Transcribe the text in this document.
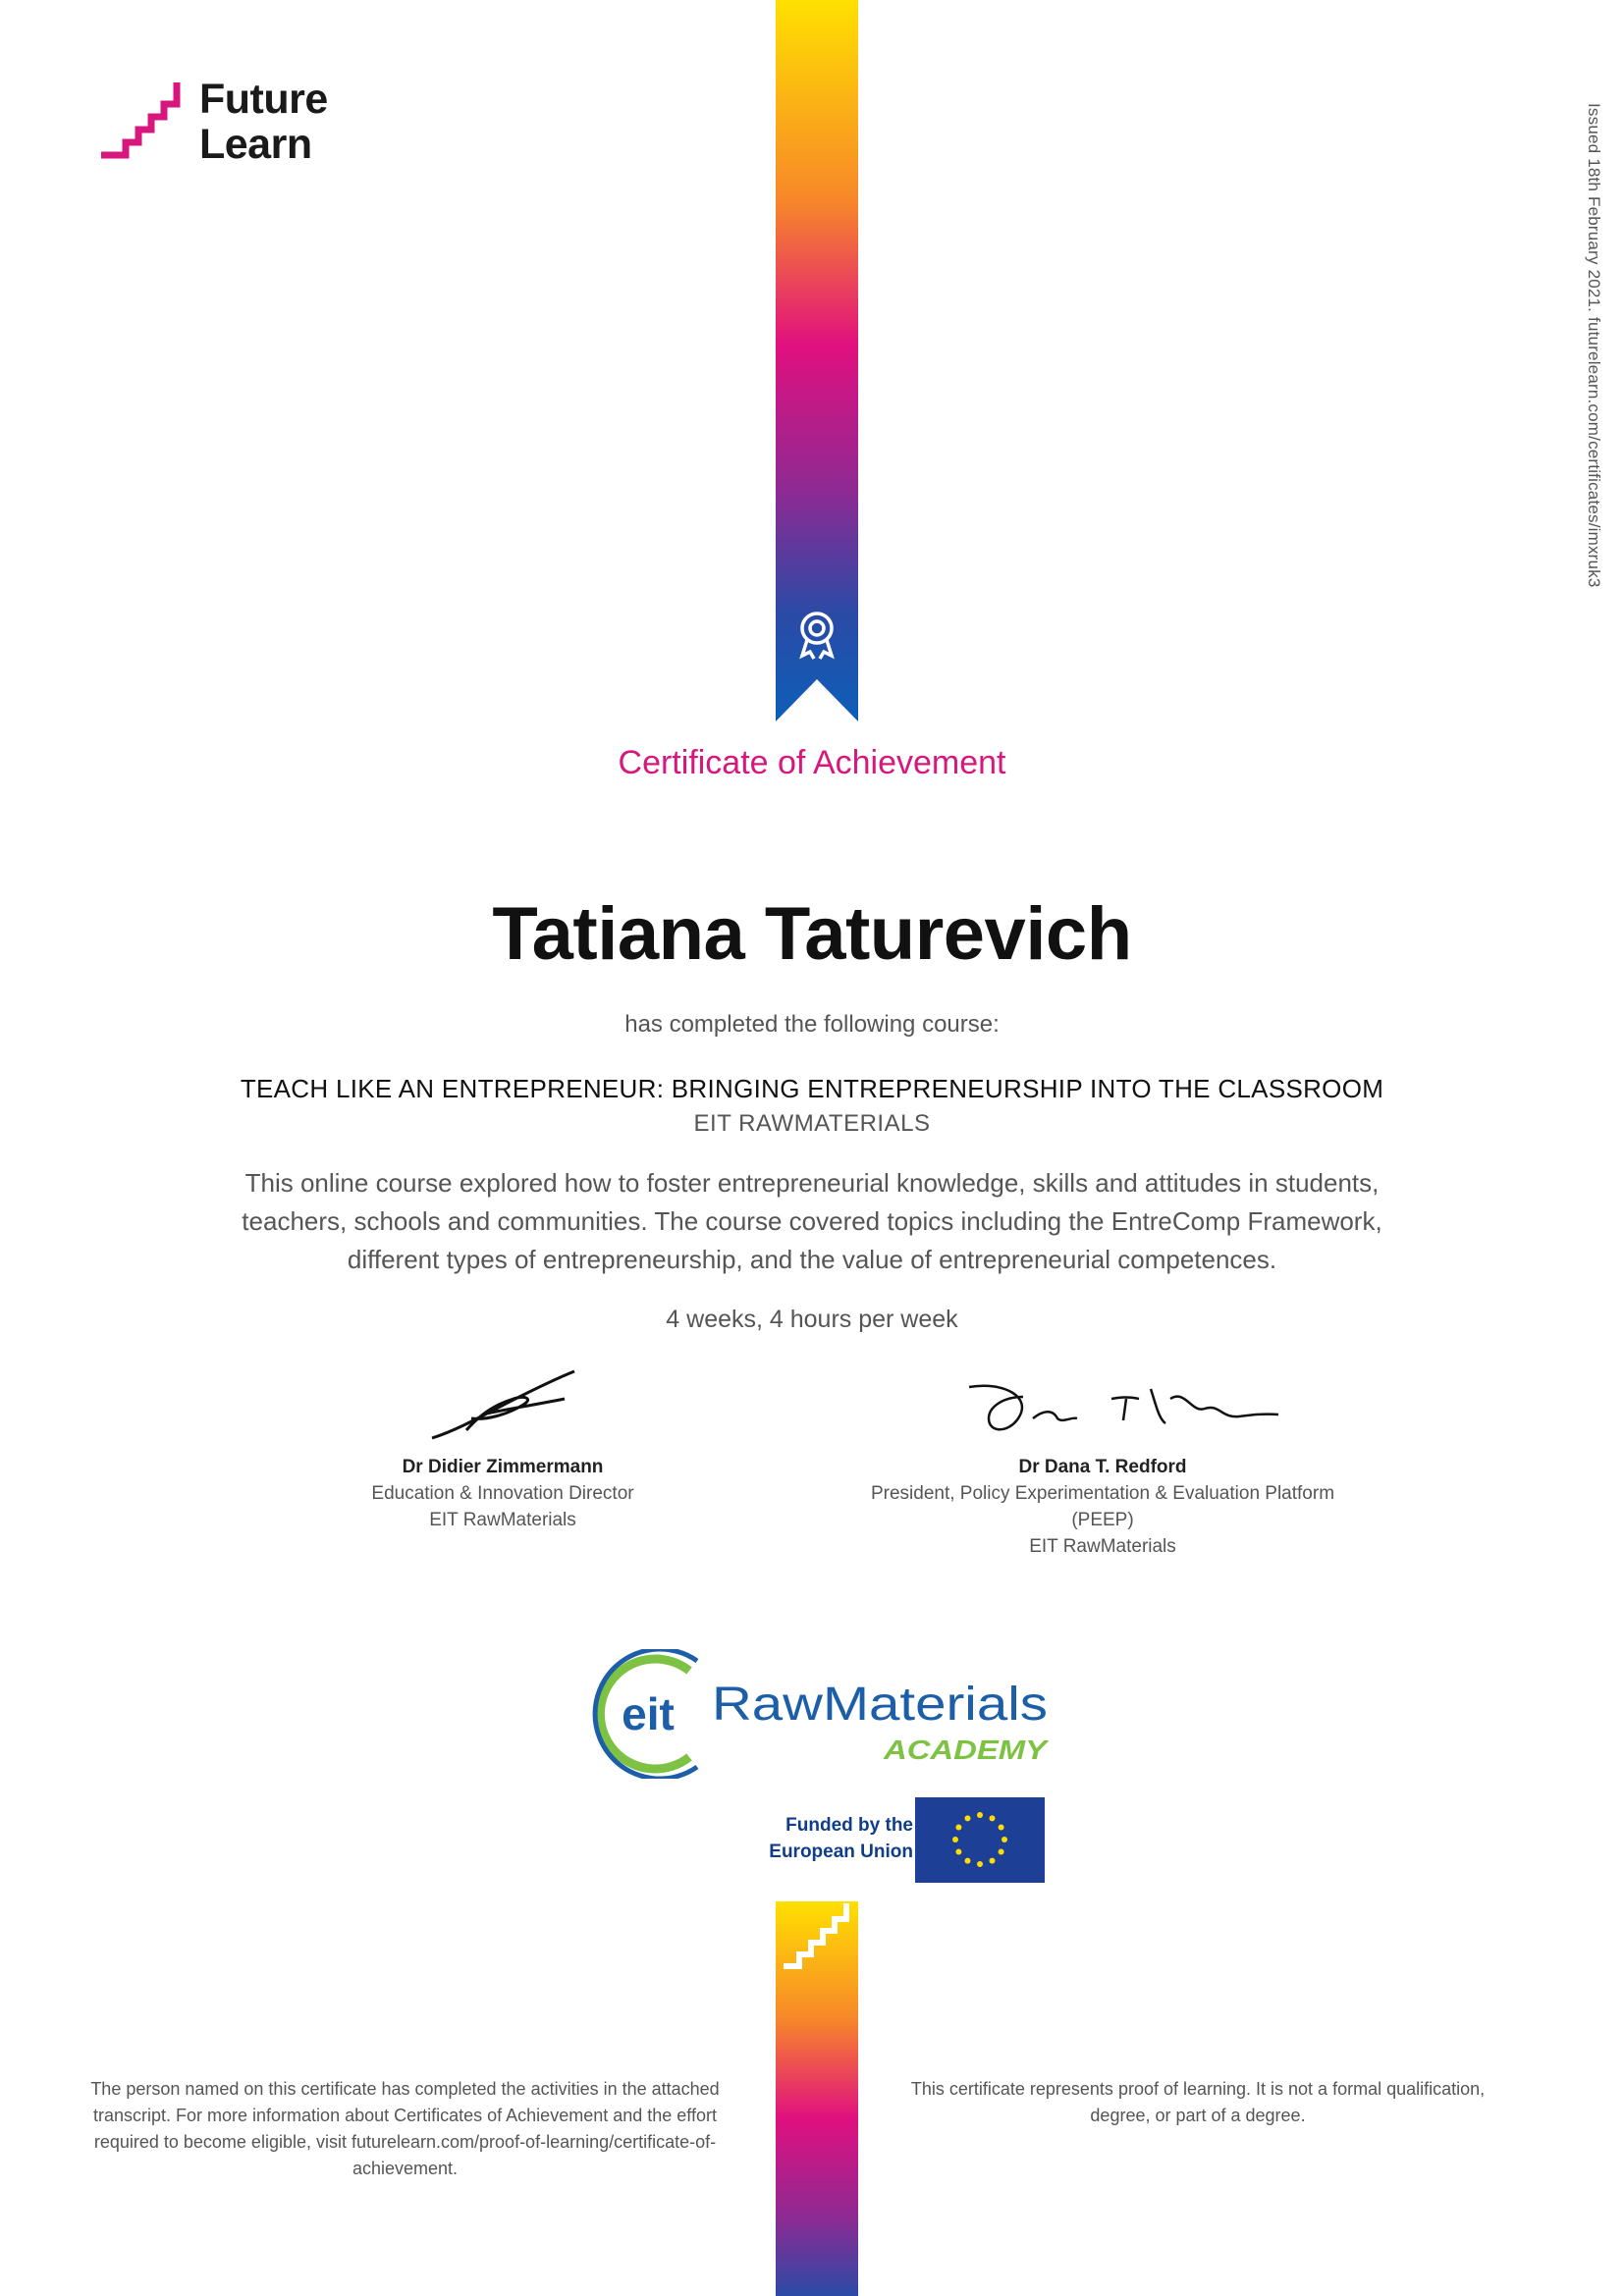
Future
Learn	Issued 18th February 2021. futurelearn.com/certificates/imxruk3
Certificate of Achievement
Tatiana Taturevich
has completed the following course:
TEACH LIKE AN ENTREPRENEUR: BRINGING ENTREPRENEURSHIP INTO THE CLASSROOM
EIT RAWMATERIALS
This online course explored how to foster entrepreneurial knowledge, skills and attitudes in students, teachers, schools and communities. The course covered topics including the EntreComp Framework, different types of entrepreneurship, and the value of entrepreneurial competences.
4 weeks, 4 hours per week
Dr Didier Zimmermann
Education & Innovation Director
EIT RawMaterials
Dr Dana T. Redford
President, Policy Experimentation & Evaluation Platform (PEEP)
EIT RawMaterials
eit RawMaterials
ACADEMY
Funded by the
European Union
The person named on this certificate has completed the activities in the attached transcript. For more information about Certificates of Achievement and the effort required to become eligible, visit futurelearn.com/proof-of-learning/certificate-of-achievement.
This certificate represents proof of learning. It is not a formal qualification, degree, or part of a degree.
